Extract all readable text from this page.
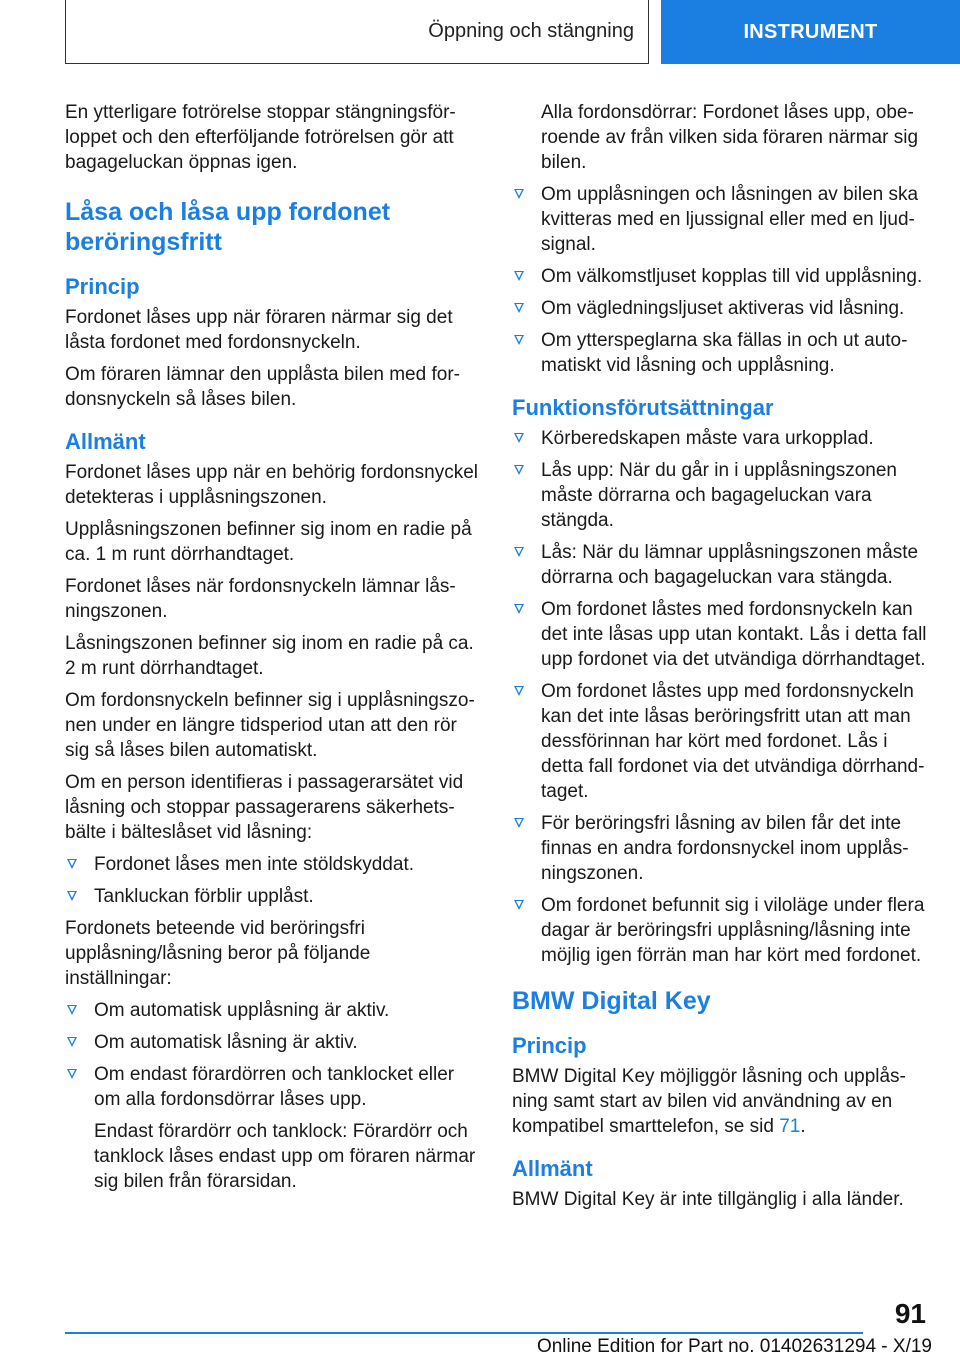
Öppning och stängning	INSTRUMENT

En ytterligare fotrörelse stoppar stängningsför-loppet och den efterföljande fotrörelsen gör att bagageluckan öppnas igen.

Låsa och låsa upp fordonet beröringsfritt
Princip

Fordonet låses upp när föraren närmar sig det låsta fordonet med fordonsnyckeln.

Om föraren lämnar den upplåsta bilen med for-donsnyckeln så låses bilen.

Allmänt

Fordonet låses upp när en behörig fordonsnyckel detekteras i upplåsningszonen.

Upplåsningszonen befinner sig inom en radie på ca. 1 m runt dörrhandtaget.

Fordonet låses när fordonsnyckeln lämnar lås-ningszonen.

Låsningszonen befinner sig inom en radie på ca. 2 m runt dörrhandtaget.

Om fordonsnyckeln befinner sig i upplåsningszo-nen under en längre tidsperiod utan att den rör sig så låses bilen automatiskt.

Om en person identifieras i passagerarsätet vid låsning och stoppar passagerarens säkerhets-bälte i bälteslåset vid låsning:

Fordonet låses men inte stöldskyddat.
Tankluckan förblir upplåst.

Fordonets beteende vid beröringsfri upplåsning/låsning beror på följande inställningar:

Om automatisk upplåsning är aktiv.
Om automatisk låsning är aktiv.
Om endast förardörren och tanklocket eller om alla fordonsdörrar låses upp.

Endast förardörr och tanklock: Förardörr och tanklock låses endast upp om föraren närmar sig bilen från förarsidan.

Alla fordonsdörrar: Fordonet låses upp, obe-roende av från vilken sida föraren närmar sig bilen.

Om upplåsningen och låsningen av bilen ska kvitteras med en ljussignal eller med en ljud-signal.
Om välkomstljuset kopplas till vid upplåsning.
Om vägledningsljuset aktiveras vid låsning.
Om ytterspeglarna ska fällas in och ut auto-matiskt vid låsning och upplåsning.
Funktionsförutsättningar
Körberedskapen måste vara urkopplad.
Lås upp: När du går in i upplåsningszonen måste dörrarna och bagageluckan vara stängda.
Lås: När du lämnar upplåsningszonen måste dörrarna och bagageluckan vara stängda.
Om fordonet låstes med fordonsnyckeln kan det inte låsas upp utan kontakt. Lås i detta fall upp fordonet via det utvändiga dörrhandtaget.
Om fordonet låstes upp med fordonsnyckeln kan det inte låsas beröringsfritt utan att man dessförinnan har kört med fordonet. Lås i detta fall fordonet via det utvändiga dörrhand-taget.
För beröringsfri låsning av bilen får det inte finnas en andra fordonsnyckel inom upplås-ningszonen.
Om fordonet befunnit sig i viloläge under flera dagar är beröringsfri upplåsning/låsning inte möjlig igen förrän man har kört med fordonet.
BMW Digital Key
Princip

BMW Digital Key möjliggör låsning och upplås-ning samt start av bilen vid användning av en kompatibel smarttelefon, se sid 71.

Allmänt

BMW Digital Key är inte tillgänglig i alla länder.

91
Online Edition for Part no. 01402631294 - X/19
